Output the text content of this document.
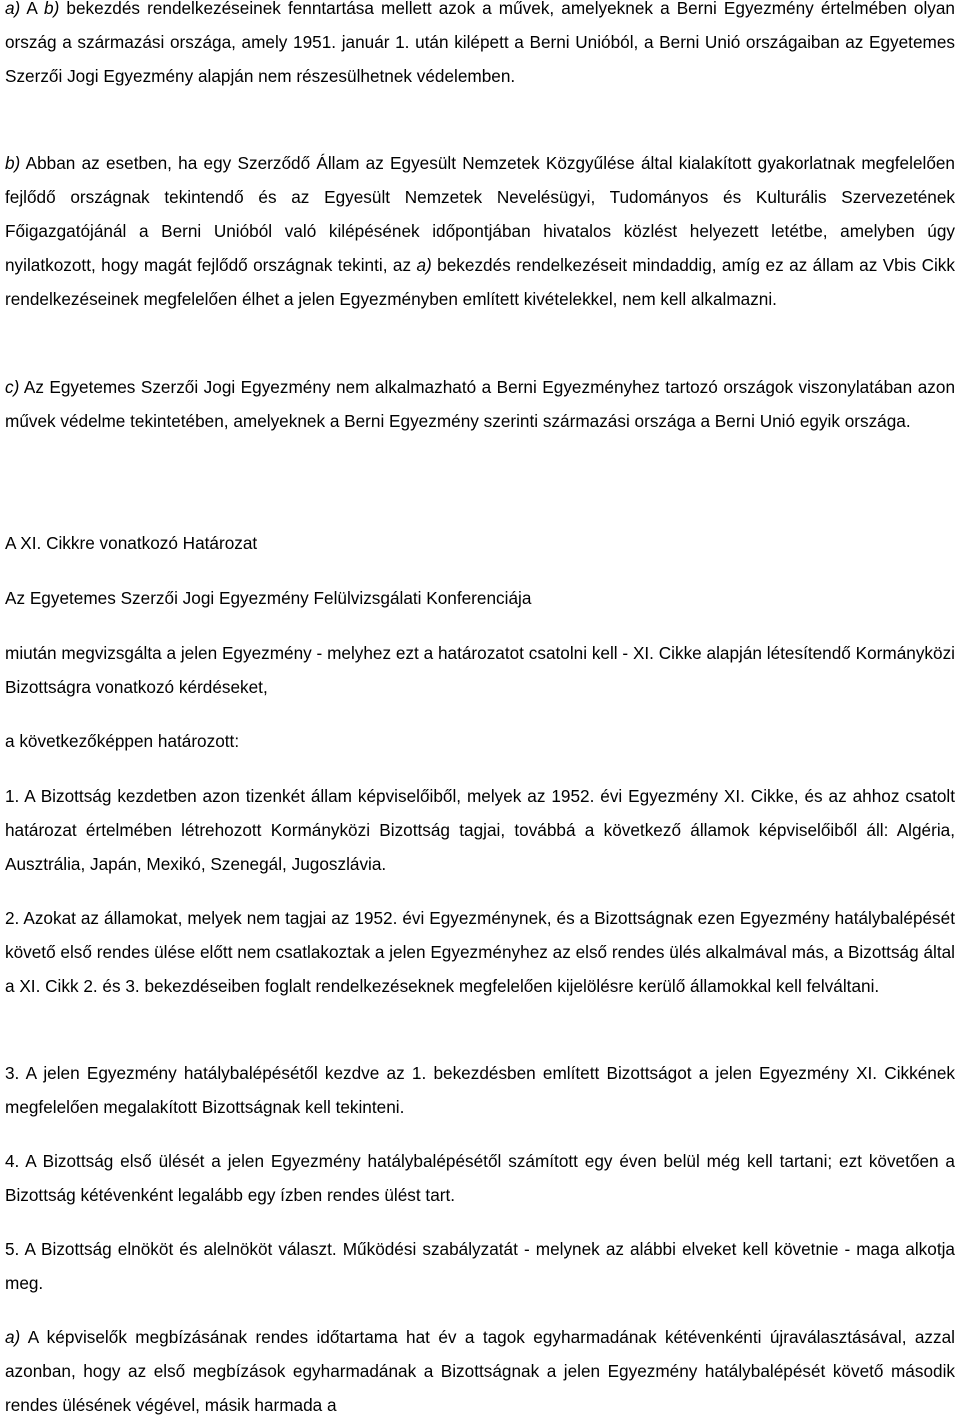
a) A b) bekezdés rendelkezéseinek fenntartása mellett azok a művek, amelyeknek a Berni Egyezmény értelmében olyan ország a származási országa, amely 1951. január 1. után kilépett a Berni Unióból, a Berni Unió országaiban az Egyetemes Szerzői Jogi Egyezmény alapján nem részesülhetnek védelemben.

b) Abban az esetben, ha egy Szerződő Állam az Egyesült Nemzetek Közgyűlése által kialakított gyakorlatnak megfelelően fejlődő országnak tekintendő és az Egyesült Nemzetek Nevelésügyi, Tudományos és Kulturális Szervezetének Főigazgatójánál a Berni Unióból való kilépésének időpontjában hivatalos közlést helyezett letétbe, amelyben úgy nyilatkozott, hogy magát fejlődő országnak tekinti, az a) bekezdés rendelkezéseit mindaddig, amíg ez az állam az Vbis Cikk rendelkezéseinek megfelelően élhet a jelen Egyezményben említett kivételekkel, nem kell alkalmazni.

c) Az Egyetemes Szerzői Jogi Egyezmény nem alkalmazható a Berni Egyezményhez tartozó országok viszonylatában azon művek védelme tekintetében, amelyeknek a Berni Egyezmény szerinti származási országa a Berni Unió egyik országa.

A XI. Cikkre vonatkozó Határozat

Az Egyetemes Szerzői Jogi Egyezmény Felülvizsgálati Konferenciája

miután megvizsgálta a jelen Egyezmény - melyhez ezt a határozatot csatolni kell - XI. Cikke alapján létesítendő Kormányközi Bizottságra vonatkozó kérdéseket,

a következőképpen határozott:

1. A Bizottság kezdetben azon tizenkét állam képviselőiből, melyek az 1952. évi Egyezmény XI. Cikke, és az ahhoz csatolt határozat értelmében létrehozott Kormányközi Bizottság tagjai, továbbá a következő államok képviselőiből áll: Algéria, Ausztrália, Japán, Mexikó, Szenegál, Jugoszlávia.

2. Azokat az államokat, melyek nem tagjai az 1952. évi Egyezménynek, és a Bizottságnak ezen Egyezmény hatálybalépését követő első rendes ülése előtt nem csatlakoztak a jelen Egyezményhez az első rendes ülés alkalmával más, a Bizottság által a XI. Cikk 2. és 3. bekezdéseiben foglalt rendelkezéseknek megfelelően kijelölésre kerülő államokkal kell felváltani.

3. A jelen Egyezmény hatálybalépésétől kezdve az 1. bekezdésben említett Bizottságot a jelen Egyezmény XI. Cikkének megfelelően megalakított Bizottságnak kell tekinteni.

4. A Bizottság első ülését a jelen Egyezmény hatálybalépésétől számított egy éven belül még kell tartani; ezt követően a Bizottság kétévenként legalább egy ízben rendes ülést tart.

5. A Bizottság elnököt és alelnököt választ. Működési szabályzatát - melynek az alábbi elveket kell követnie - maga alkotja meg.

a) A képviselők megbízásának rendes időtartama hat év a tagok egyharmadának kétévenkénti újraválasztásával, azzal azonban, hogy az első megbízások egyharmadának a Bizottságnak a jelen Egyezmény hatálybalépését követő második rendes ülésének végével, másik harmada a
